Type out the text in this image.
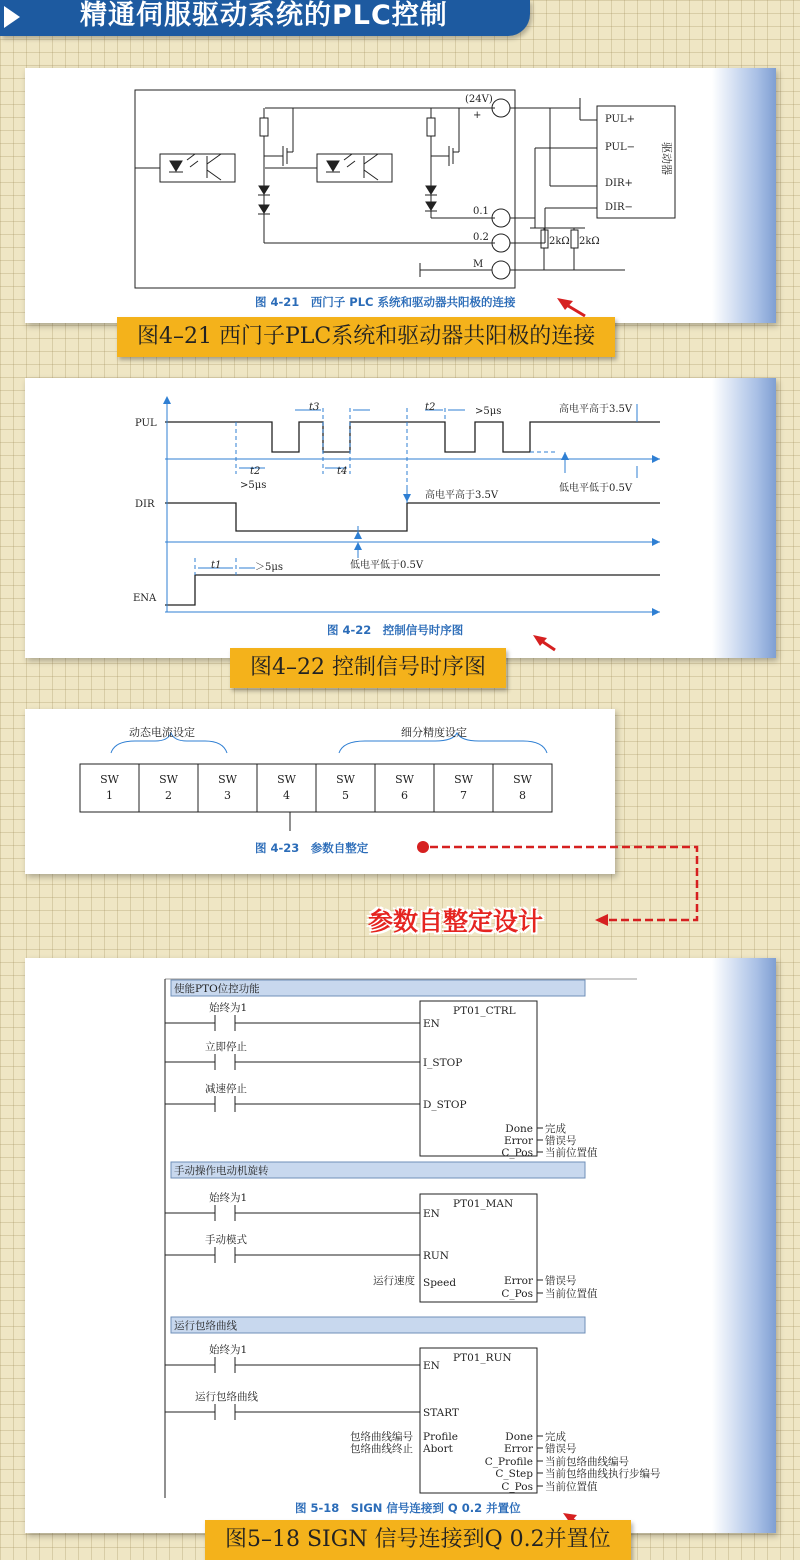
精通伺服驱动系统的PLC控制
(24V)
+
0.1
0.2
M
PUL+
PUL−
DIR+
DIR−
驱动器
2kΩ 2kΩ
图 4-21　西门子 PLC 系统和驱动器共阳极的连接
图4–21 西门子PLC系统和驱动器共阳极的连接
PUL
DIR
ENA
t3	t2	>5μs	高电平高于3.5V
t2	t4
>5μs	低电平低于0.5V
高电平高于3.5V
t1	＞5μs	低电平低于0.5V
图 4-22　控制信号时序图
图4–22 控制信号时序图
动态电流设定	细分精度设定
SW
1
SW
2
SW
3
SW
4
SW
5
SW
6
SW
7
SW
8
图 4-23　参数自整定
参数自整定设计
使能PTO位控功能
PT01_CTRL
始终为1
立即停止
减速停止
EN
I_STOP
D_STOP
Done
Error
C_Pos
完成
错误号
当前位置值
手动操作电动机旋转
PT01_MAN
始终为1
手动模式
EN
RUN
Speed
运行速度	Error
C_Pos
错误号
当前位置值
运行包络曲线
PT01_RUN
始终为1
运行包络曲线
EN
START
Profile
Abort
包络曲线编号
包络曲线终止
Done
Error
C_Profile
C_Step
C_Pos
完成
错误号
当前包络曲线编号
当前包络曲线执行步编号
当前位置值
图 5-18　SIGN 信号连接到 Q 0.2 并置位
图5–18 SIGN 信号连接到Q 0.2并置位
